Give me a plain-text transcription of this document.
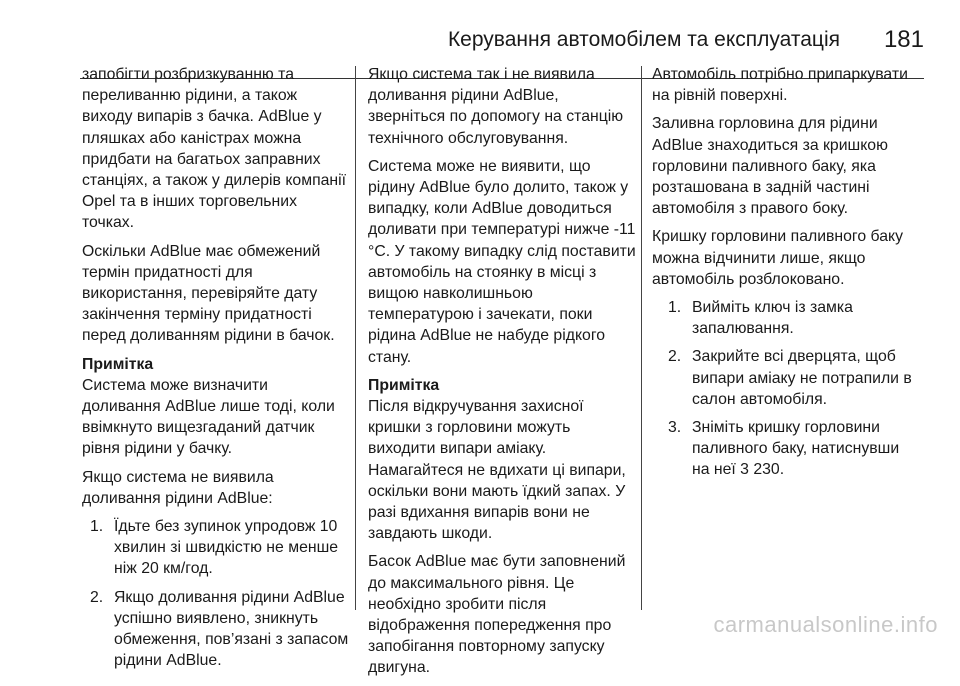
Керування автомобілем та експлуатація 181

запобігти розбризкуванню та переливанню рідини, а також виходу випарів з бачка. AdBlue у пляшках або каністрах можна придбати на багатьох заправних станціях, а також у дилерів компанії Opel та в інших торговельних точках.

Оскільки AdBlue має обмежений термін придатності для використання, перевіряйте дату закінчення терміну придатності перед доливанням рідини в бачок.

Примітка
Система може визначити доливання AdBlue лише тоді, коли ввімкнуто вищезгаданий датчик рівня рідини у бачку.

Якщо система не виявила доливання рідини AdBlue:

1. Їдьте без зупинок упродовж 10 хвилин зі швидкістю не менше ніж 20 км/год.
2. Якщо доливання рідини AdBlue успішно виявлено, зникнуть обмеження, пов’язані з запасом рідини AdBlue.

Якщо система так і не виявила доливання рідини AdBlue, зверніться по допомогу на станцію технічного обслуговування.

Система може не виявити, що рідину AdBlue було долито, також у випадку, коли AdBlue доводиться доливати при температурі нижче -11 °C. У такому випадку слід поставити автомобіль на стоянку в місці з вищою навколишньою температурою і зачекати, поки рідина AdBlue не набуде рідкого стану.

Примітка
Після відкручування захисної кришки з горловини можуть виходити випари аміаку. Намагайтеся не вдихати ці випари, оскільки вони мають їдкий запах. У разі вдихання випарів вони не завдають шкоди.

Басок AdBlue має бути заповнений до максимального рівня. Це необхідно зробити після відображення попередження про запобігання повторному запуску двигуна.

Автомобіль потрібно припаркувати на рівній поверхні.

Заливна горловина для рідини AdBlue знаходиться за кришкою горловини паливного баку, яка розташована в задній частині автомобіля з правого боку.

Кришку горловини паливного баку можна відчинити лише, якщо автомобіль розблоковано.

1. Вийміть ключ із замка запалювання.
2. Закрийте всі дверцята, щоб випари аміаку не потрапили в салон автомобіля.
3. Зніміть кришку горловини паливного баку, натиснувши на неї 3 230.
carmanualsonline.info
